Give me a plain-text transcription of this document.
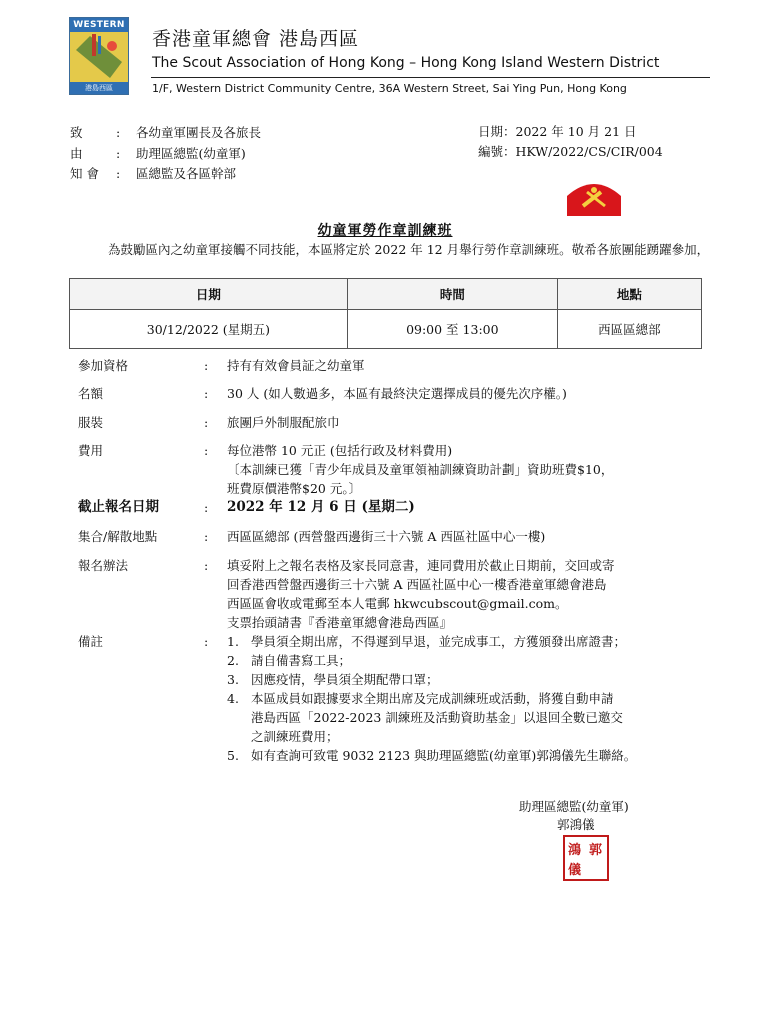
WESTERN
港島西區
香港童軍總會 港島西區
The Scout Association of Hong Kong – Hong Kong Island Western District
1/F, Western District Community Centre, 36A Western Street, Sai Ying Pun, Hong Kong
致 : 各幼童軍團長及各旅長
由 : 助理區總監(幼童軍)
知會 : 區總監及各區幹部
日期：2022 年 10 月 21 日
編號：HKW/2022/CS/CIR/004
幼童軍勞作章訓練班
為鼓勵區內之幼童軍接觸不同技能，本區將定於 2022 年 12 月舉行勞作章訓練班。敬希各旅團能踴躍參加，
日期	時間	地點
30/12/2022 (星期五)	09:00 至 13:00	西區區總部
參加資格	: 持有有效會員証之幼童軍
名額	: 30 人 (如人數過多，本區有最終決定選擇成員的優先次序權。)
服裝	: 旅團戶外制服配旅巾
費用	: 每位港幣 10 元正 (包括行政及材料費用)
〔本訓練已獲「青少年成員及童軍領袖訓練資助計劃」資助班費$10，
班費原價港幣$20 元。〕
截止報名日期	: 2022 年 12 月 6 日 (星期二)
集合/解散地點	: 西區區總部 (西營盤西邊街三十六號 A 西區社區中心一樓)
報名辦法	: 填妥附上之報名表格及家長同意書，連同費用於截止日期前，交回或寄
回香港西營盤西邊街三十六號 A 西區社區中心一樓香港童軍總會港島
西區區會收或電郵至本人電郵 hkwcubscout@gmail.com。
支票抬頭請書『香港童軍總會港島西區』
備註	: 1. 學員須全期出席，不得遲到早退，並完成事工，方獲頒發出席證書；
2. 請自備書寫工具；
3. 因應疫情，學員須全期配帶口罩；
4. 本區成員如跟據要求全期出席及完成訓練班或活動，將獲自動申請
港島西區「2022-2023 訓練班及活動資助基金」以退回全數已邀交
之訓練班費用；
5. 如有查詢可致電 9032 2123 與助理區總監(幼童軍)郭鴻儀先生聯絡。
助理區總監(幼童軍)
郭鴻儀
郭
鴻
儀
